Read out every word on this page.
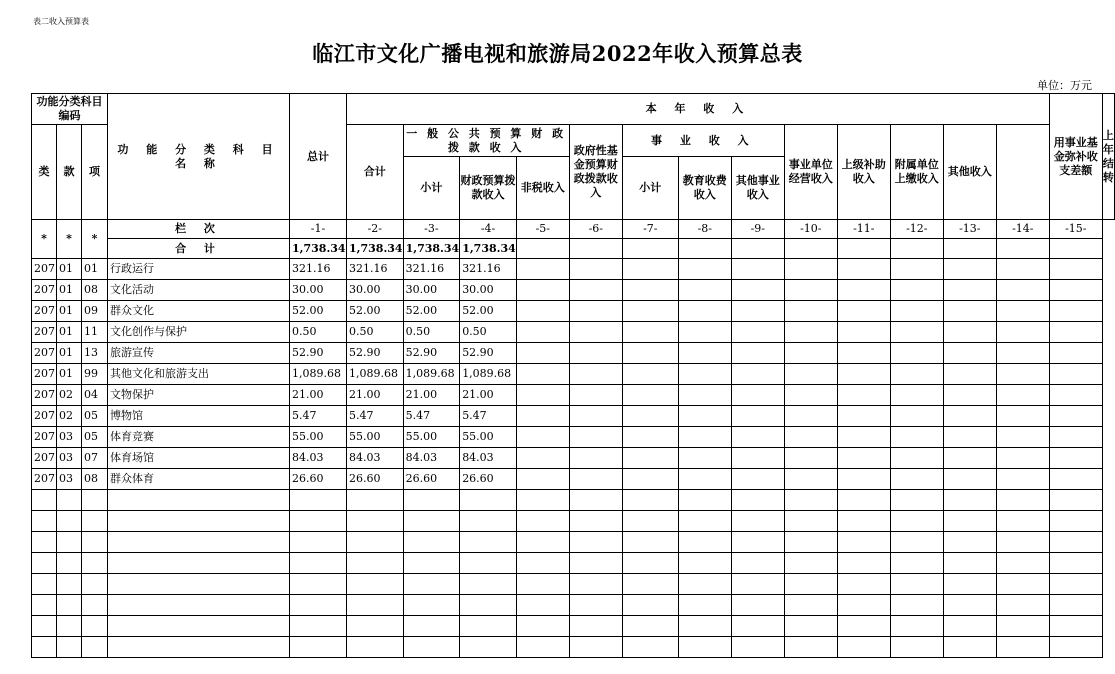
表二收入预算表
临江市文化广播电视和旅游局2022年收入预算总表
单位：万元
功能分类科目编码			功 能 分 类 科 目 名 称	总计	本 年 收 入													用事业基金弥补收支差额	上年结转
类	款	项			合计	一 般 公 共 预 算 财 政 拨 款 收 入			政府性基金预算财政拨款收入	事 业 收 入			事业单位经营收入	上级补助收入	附属单位上缴收入	其他收入			
						小计	财政预算拨款收入	非税收入		小计	教育收费收入	其他事业收入							
*	*	*	栏 次	-1-	-2-	-3-	-4-	-5-	-6-	-7-	-8-	-9-	-10-	-11-	-12-	-13-	-14-	-15-	
			合 计	1,738.34	1,738.34	1,738.34	1,738.34												
207	01	01	行政运行	321.16	321.16	321.16	321.16												
207	01	08	文化活动	30.00	30.00	30.00	30.00												
207	01	09	群众文化	52.00	52.00	52.00	52.00												
207	01	11	文化创作与保护	0.50	0.50	0.50	0.50												
207	01	13	旅游宣传	52.90	52.90	52.90	52.90												
207	01	99	其他文化和旅游支出	1,089.68	1,089.68	1,089.68	1,089.68												
207	02	04	文物保护	21.00	21.00	21.00	21.00												
207	02	05	博物馆	5.47	5.47	5.47	5.47												
207	03	05	体育竞赛	55.00	55.00	55.00	55.00												
207	03	07	体育场馆	84.03	84.03	84.03	84.03												
207	03	08	群众体育	26.60	26.60	26.60	26.60												
